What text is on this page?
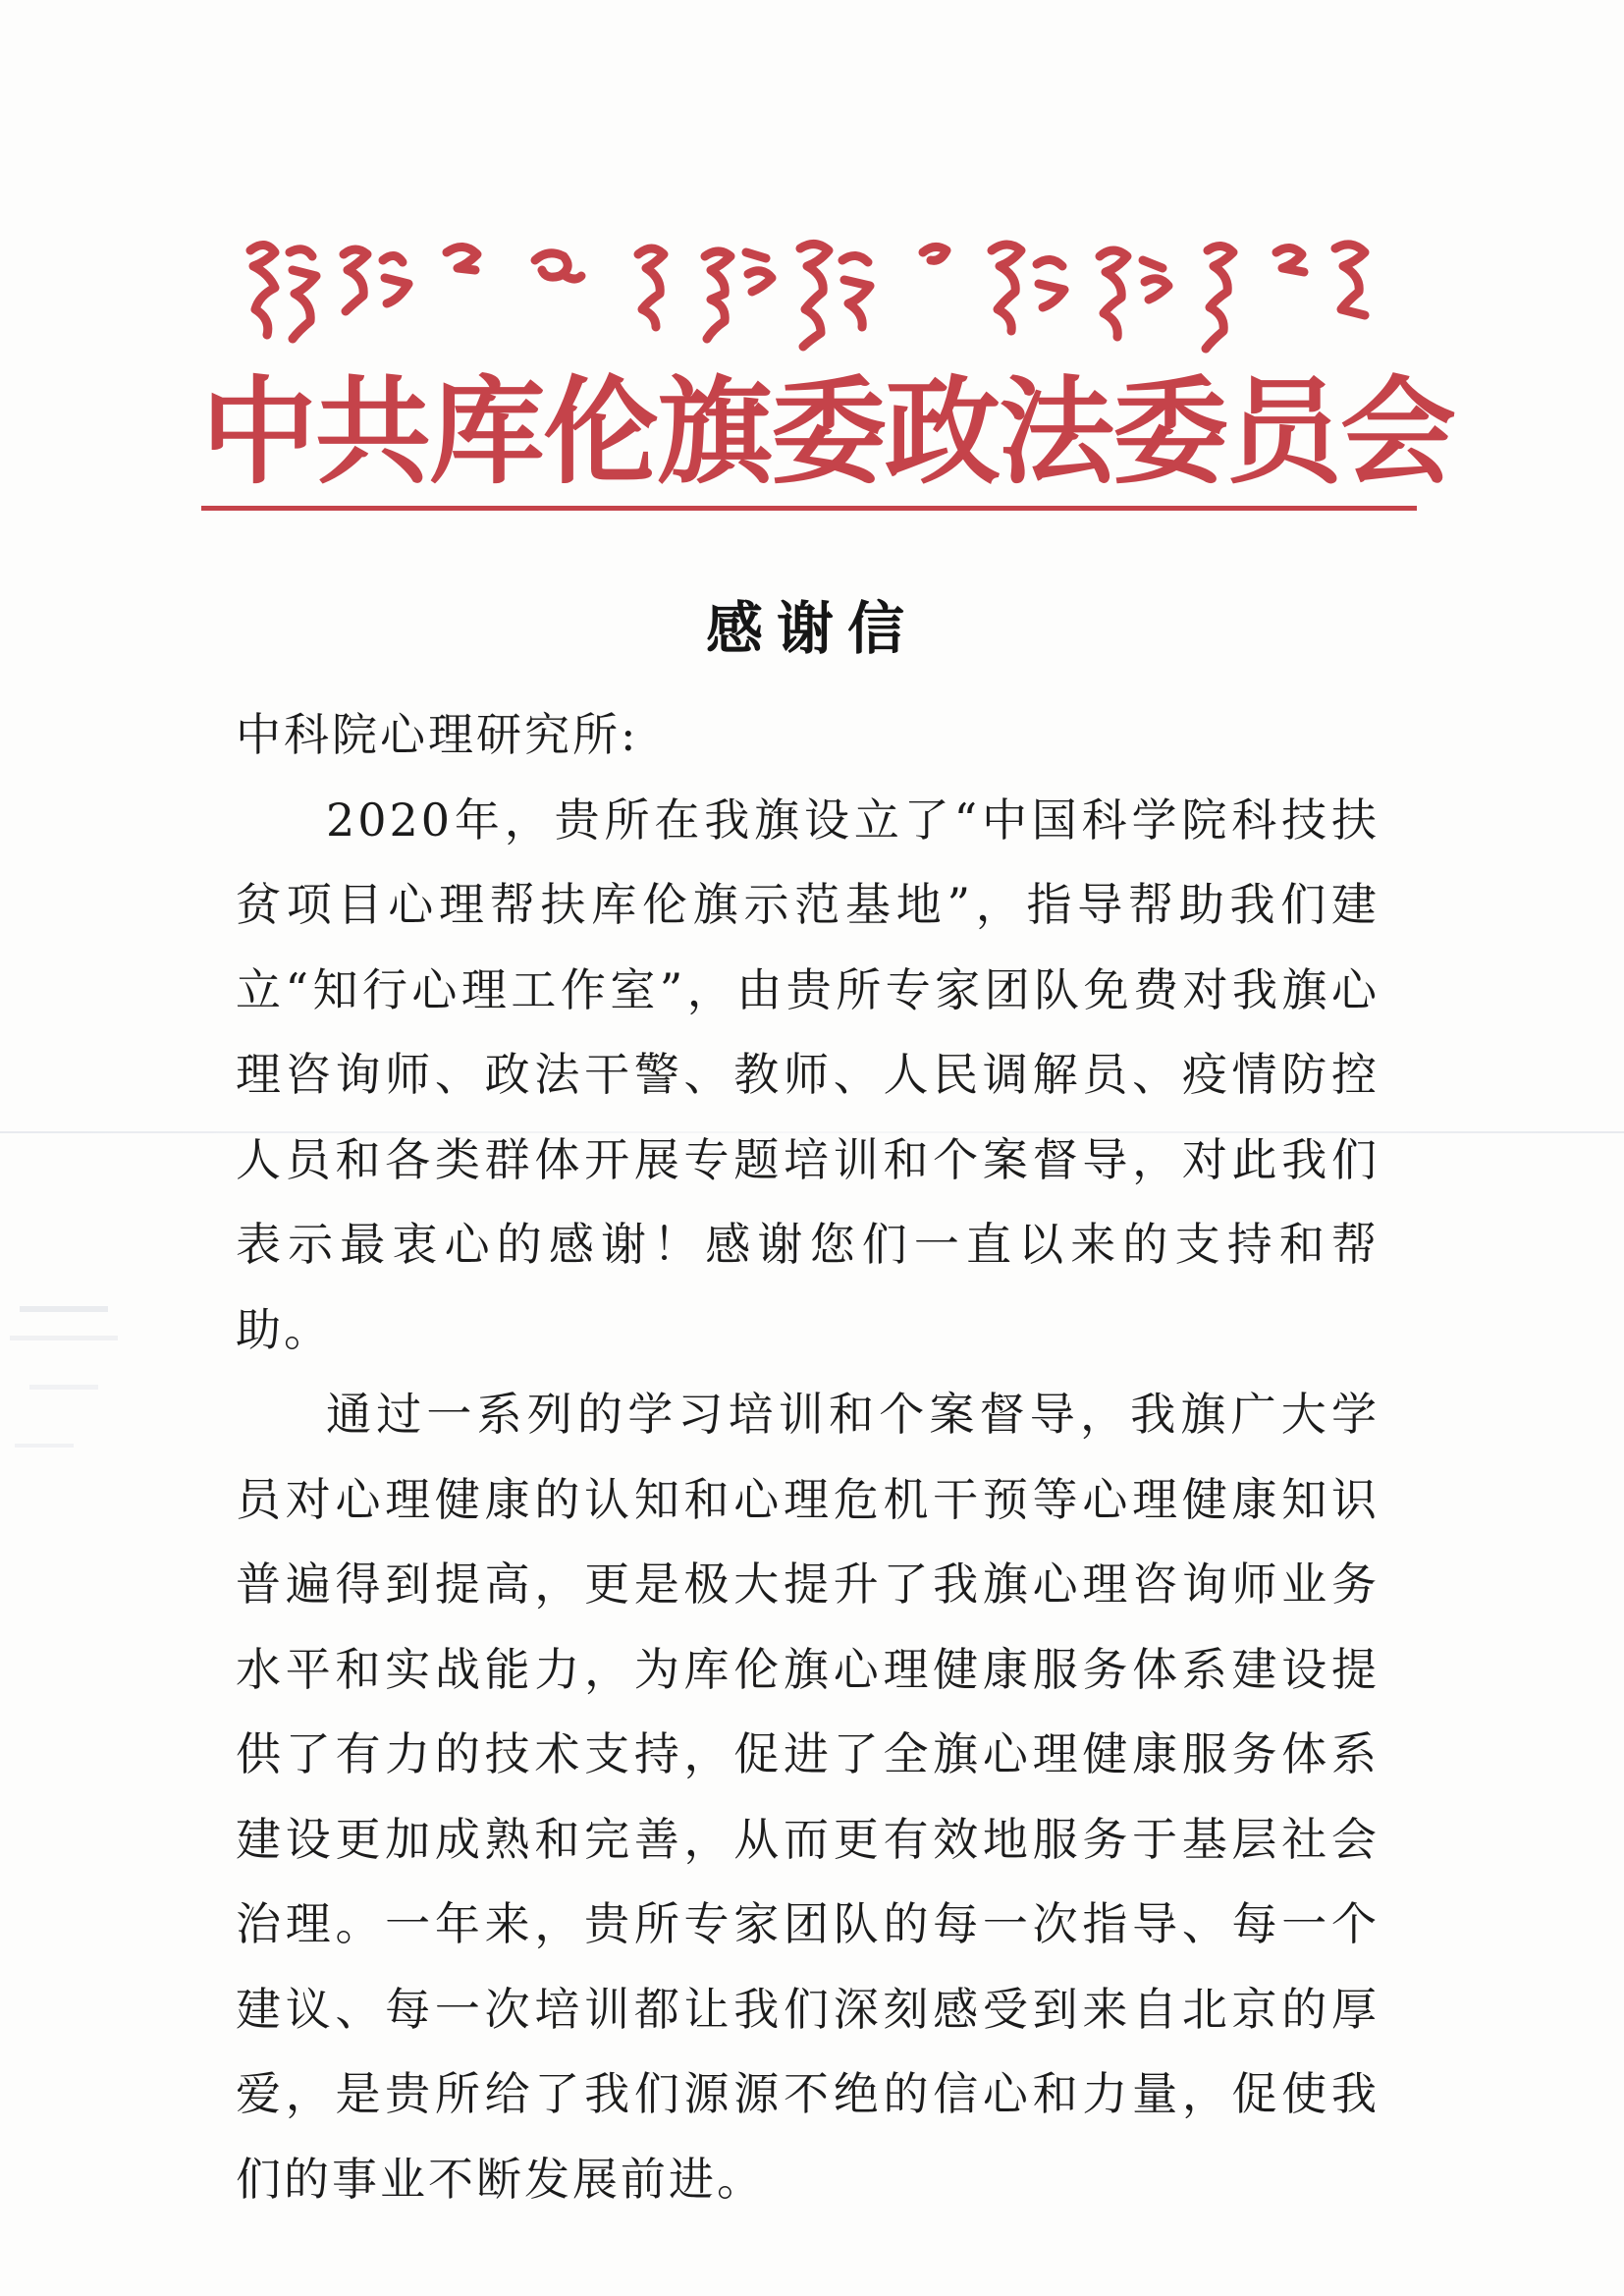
中共库伦旗委政法委员会
感谢信

中科院心理研究所:

2020年，贵所在我旗设立了“中国科学院科技扶贫项目心理帮扶库伦旗示范基地”，指导帮助我们建立“知行心理工作室”，由贵所专家团队免费对我旗心理咨询师、政法干警、教师、人民调解员、疫情防控人员和各类群体开展专题培训和个案督导，对此我们表示最衷心的感谢！感谢您们一直以来的支持和帮助。

通过一系列的学习培训和个案督导，我旗广大学员对心理健康的认知和心理危机干预等心理健康知识普遍得到提高，更是极大提升了我旗心理咨询师业务水平和实战能力，为库伦旗心理健康服务体系建设提供了有力的技术支持，促进了全旗心理健康服务体系建设更加成熟和完善，从而更有效地服务于基层社会治理。一年来，贵所专家团队的每一次指导、每一个建议、每一次培训都让我们深刻感受到来自北京的厚爱，是贵所给了我们源源不绝的信心和力量，促使我们的事业不断发展前进。
